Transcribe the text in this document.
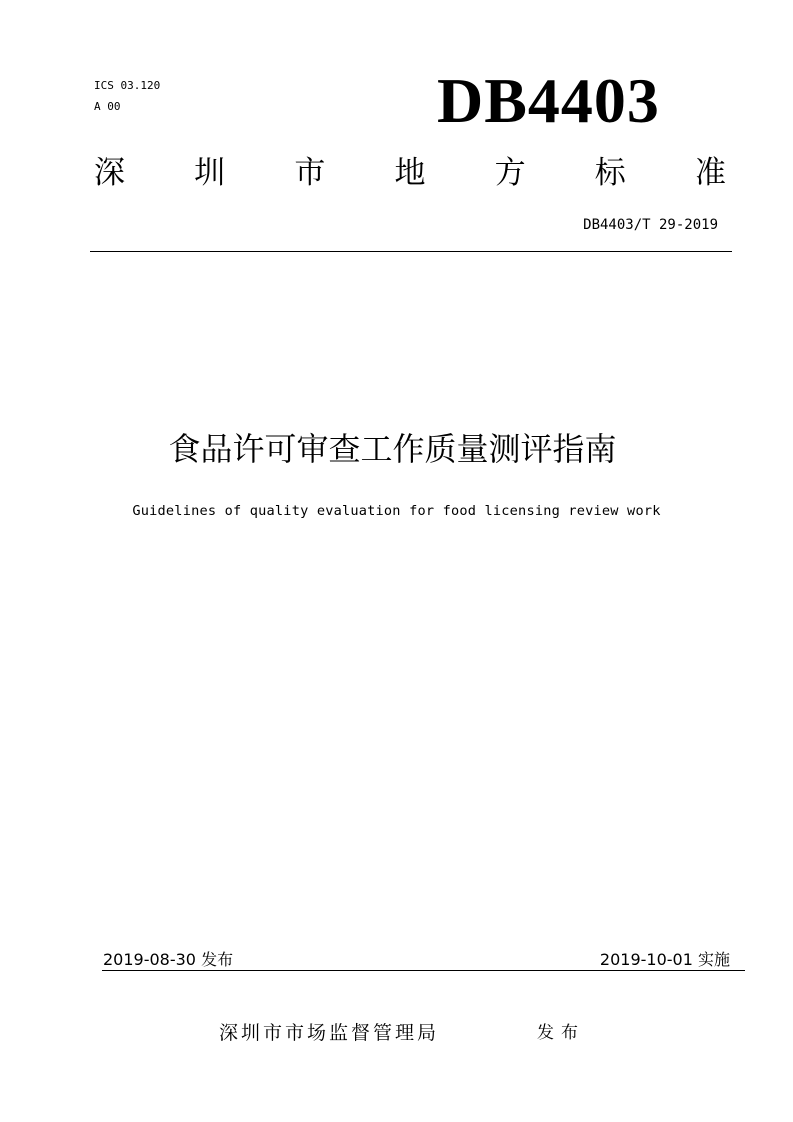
ICS 03.120
A 00	DB4403
深 圳 市 地 方 标 准
DB4403/T 29-2019
食品许可审查工作质量测评指南
Guidelines of quality evaluation for food licensing review work
2019-08-30 发布	2019-10-01 实施
深圳市市场监督管理局	发布
